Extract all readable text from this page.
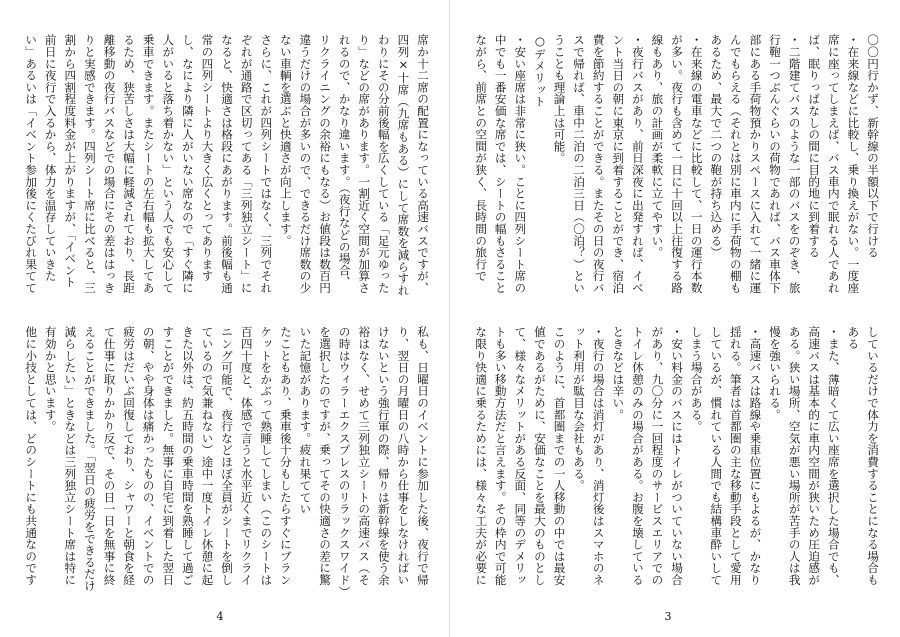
席か十二席の配置になっている高速バスですが、四列×十席（九席もある）にして席数を減らすれわりにその分前後幅を広くしている「足元ゆったり」などの席があります。一割近く空間が加算されるので、かなり違います。（夜行などの場合、リクライニングの余裕にもなる）お値段は数百円違うだけの場合が多いので、できるだけ席数の少ない車輌を選ぶと快適さが向上します。
さらに、これが四列シートではなく、三列でそれぞれが通路で区切ってある「三列独立シート」になると、快適さは格段にあがります。前後幅も通常の四列シートより大きく広くとってありますし、なにより隣に人がいない席なので「すぐ隣に人がいると落ち着かない」という人でも安心して乗車できます。またシートの左右幅も拡大してあるため、狭苦しさは大幅に軽減されており、長距離移動の夜行バスなどでの場合にその差ははっきりと実感できます。四列シート席に比べると、三割から四割程度料金が上がりますが、「イベント前日に夜行で入るから、体力を温存していきたい」あるいは「イベント参加後にくたびれ果てて
私も、日曜日のイベントに参加した後、夜行で帰り、翌日の月曜日の八時から仕事をしなければいけないという強行軍の際、帰りは新幹線を使う余裕はなく、せめて三列独立シートの高速バス（その時はウィラーエクスプレスのリラックスワイド）を選択したのですが、乗ってその快適さの差に驚いた記憶があります。疲れ果ててい
たこともあり、乗車後十分もしたらすぐにブランケットをかぶって熟睡してしまい（このシートは百四十度と、体感で言うと水平近くまでリクライニング可能で、夜行などほぼ全員がシートを倒しているので気兼ねない）途中一度トイレ休憩に起きた以外は、約五時間の乗車時間を熟睡して過ごすことができました。無事に自宅に到着した翌日の朝、やや身体は痛かったものの、イベントでの疲労はだいぶ回復しており、シャワーと朝食を経て仕事に取りかかり反で、その日一日を無事に終えることができました。「翌日の疲労をできるだけ減らしたい」ときなどは三列独立シート席は特に有効かと思います。
他に小技としては、どのシートにも共通なのです
4
〇〇円行かず、新幹線の半額以下で行ける
・在来線などに比較し、乗り換えがない。一度座席に座ってしまえば、バス車内で眠れる人であれば、眠りっぱなしの間に目的地に到着する
・二階建てバスのような一部のバスをのぞき、旅行鞄一つぶんぐらいの荷物であれば、バス車体下部にある手荷物預かりスペースに入れて一緒に運んでもらえる（それとは別に車内に手荷物の棚もあるため、最大で二つの鞄が持ち込める）
・在来線の電車などに比較して、一日の運行本数が多い。夜行も含めて一日に十回以上往復する路線もあり、旅の計画が柔軟に立てやすい。
・夜行バスがあり、前日深夜に出発すれば、イベント当日の朝に東京に到着することができ、宿泊費を節約することができる。またその日の夜行バスで帰れば、車中二泊の二泊三日（〇泊？）ということも理論上は可能。
○デメリット
・安い座席は非常に狭い。ことに四列シート席の中でも一番安価な席では、シートの幅もさることながら、前席との空間が狭く、長時間の旅行で
しているだけで体力を消費することになる場合もある
・また、薄暗くて広い座席を選択した場合でも、高速バスは基本的に車内空間が狭いため圧迫感がある。狭い場所、空気が悪い場所が苦手の人は我慢を強いられる。
・高速バスは路線や乗車位置にもよるが、かなり揺れる。筆者は首都圏の主な移動手段として愛用しているが、慣れている人間でも結構車酔いしてしまう場合がある。
・安い料金のバスにはトイレがついていない場合があり、九〇分に一回程度のサービスエリアでのトイレ休憩のみの場合がある。お腹を壊しているときなどは辛い。
・夜行の場合は消灯があり、消灯後はスマホのネット利用が駄目な会社もある。
このように、首都圏までの一人移動の中では最安値であるがために、安価なことを最大のものとして、様々なメリットがある反面、同等のデメリットも多い移動方法だと言えます。その枠内で可能な限り快適に乗るためには、様々な工夫が必要に

3
